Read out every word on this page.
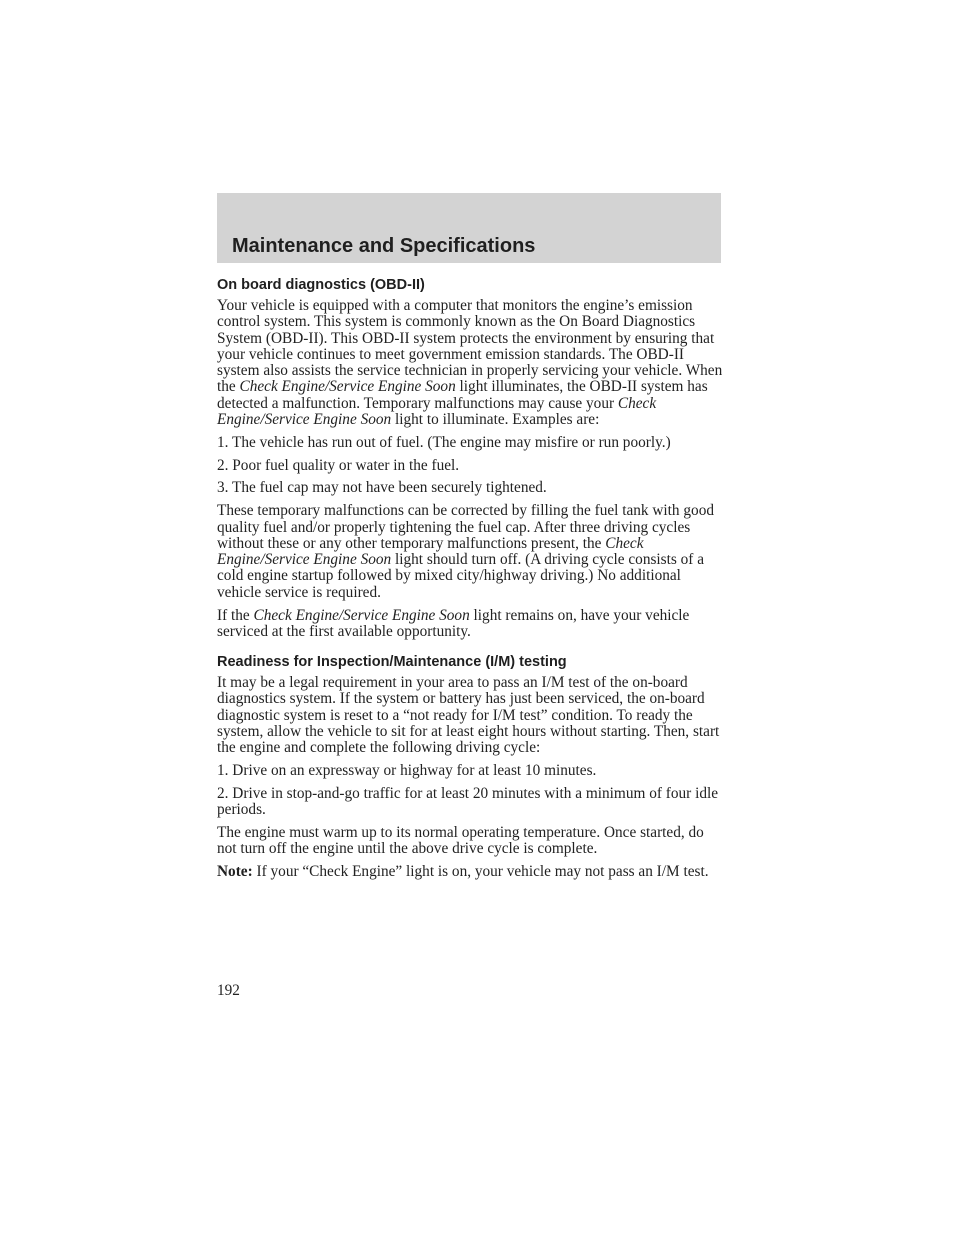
Maintenance and Specifications
On board diagnostics (OBD-II)

Your vehicle is equipped with a computer that monitors the engine’s emission control system. This system is commonly known as the On Board Diagnostics System (OBD-II). This OBD-II system protects the environment by ensuring that your vehicle continues to meet government emission standards. The OBD-II system also assists the service technician in properly servicing your vehicle. When the Check Engine/Service Engine Soon light illuminates, the OBD-II system has detected a malfunction. Temporary malfunctions may cause your Check Engine/Service Engine Soon light to illuminate. Examples are:

1. The vehicle has run out of fuel. (The engine may misfire or run poorly.)

2. Poor fuel quality or water in the fuel.

3. The fuel cap may not have been securely tightened.

These temporary malfunctions can be corrected by filling the fuel tank with good quality fuel and/or properly tightening the fuel cap. After three driving cycles without these or any other temporary malfunctions present, the Check Engine/Service Engine Soon light should turn off. (A driving cycle consists of a cold engine startup followed by mixed city/highway driving.) No additional vehicle service is required.

If the Check Engine/Service Engine Soon light remains on, have your vehicle serviced at the first available opportunity.

Readiness for Inspection/Maintenance (I/M) testing

It may be a legal requirement in your area to pass an I/M test of the on-board diagnostics system. If the system or battery has just been serviced, the on-board diagnostic system is reset to a “not ready for I/M test” condition. To ready the system, allow the vehicle to sit for at least eight hours without starting. Then, start the engine and complete the following driving cycle:

1. Drive on an expressway or highway for at least 10 minutes.

2. Drive in stop-and-go traffic for at least 20 minutes with a minimum of four idle periods.

The engine must warm up to its normal operating temperature. Once started, do not turn off the engine until the above drive cycle is complete.

Note: If your “Check Engine” light is on, your vehicle may not pass an I/M test.

192
